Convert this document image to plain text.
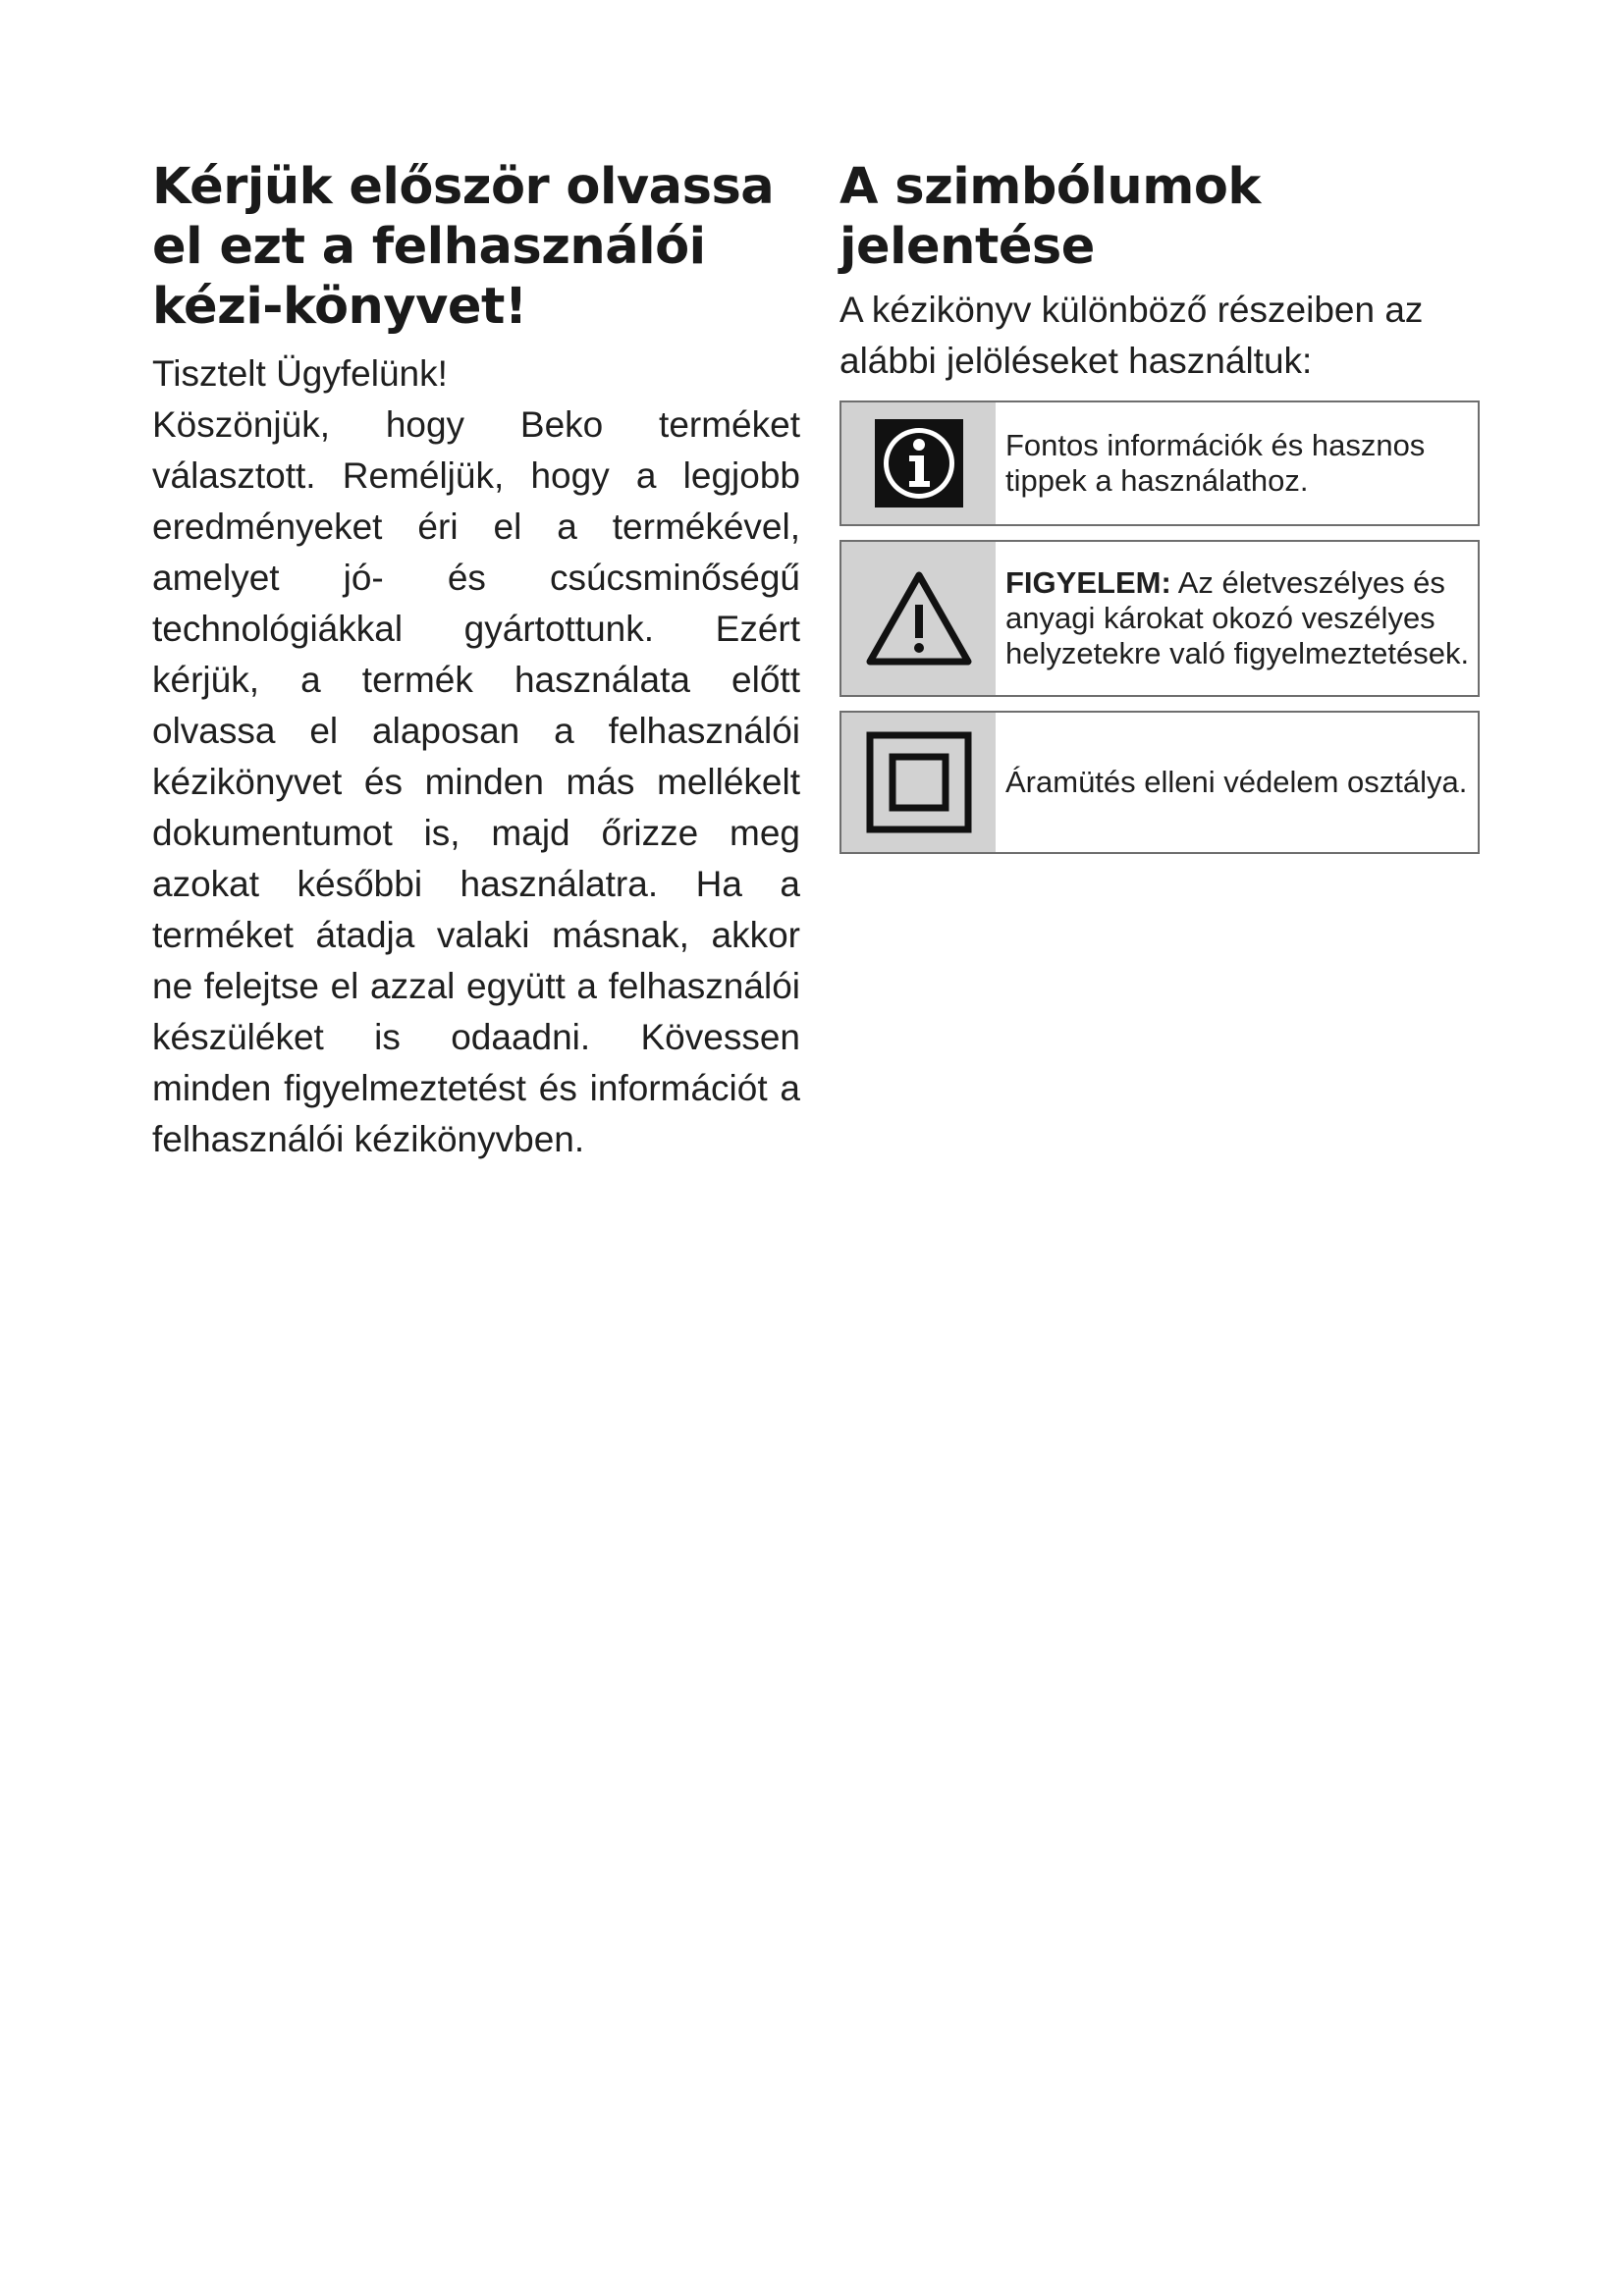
Kérjük először olvassa el ezt a felhasználói kézi-könyvet!
Tisztelt Ügyfelünk!
Köszönjük, hogy Beko terméket választott. Reméljük, hogy a legjobb eredményeket éri el a termékével, amelyet jó- és csúcsminőségű technológiákkal gyártottunk. Ezért kérjük, a termék használata előtt olvassa el alaposan a felhasználói kézikönyvet és minden más mellékelt dokumentumot is, majd őrizze meg azokat későbbi használatra. Ha a terméket átadja valaki másnak, akkor ne felejtse el azzal együtt a felhasználói készüléket is odaadni. Kövessen minden figyelmeztetést és információt a felhasználói kézikönyvben.
A szimbólumok jelentése
A kézikönyv különböző részeiben az alábbi jelöléseket használtuk:
Fontos információk és hasznos tippek a használathoz.
FIGYELEM: Az életveszélyes és anyagi károkat okozó veszélyes helyzetekre való figyelmeztetések.
Áramütés elleni védelem osztálya.
